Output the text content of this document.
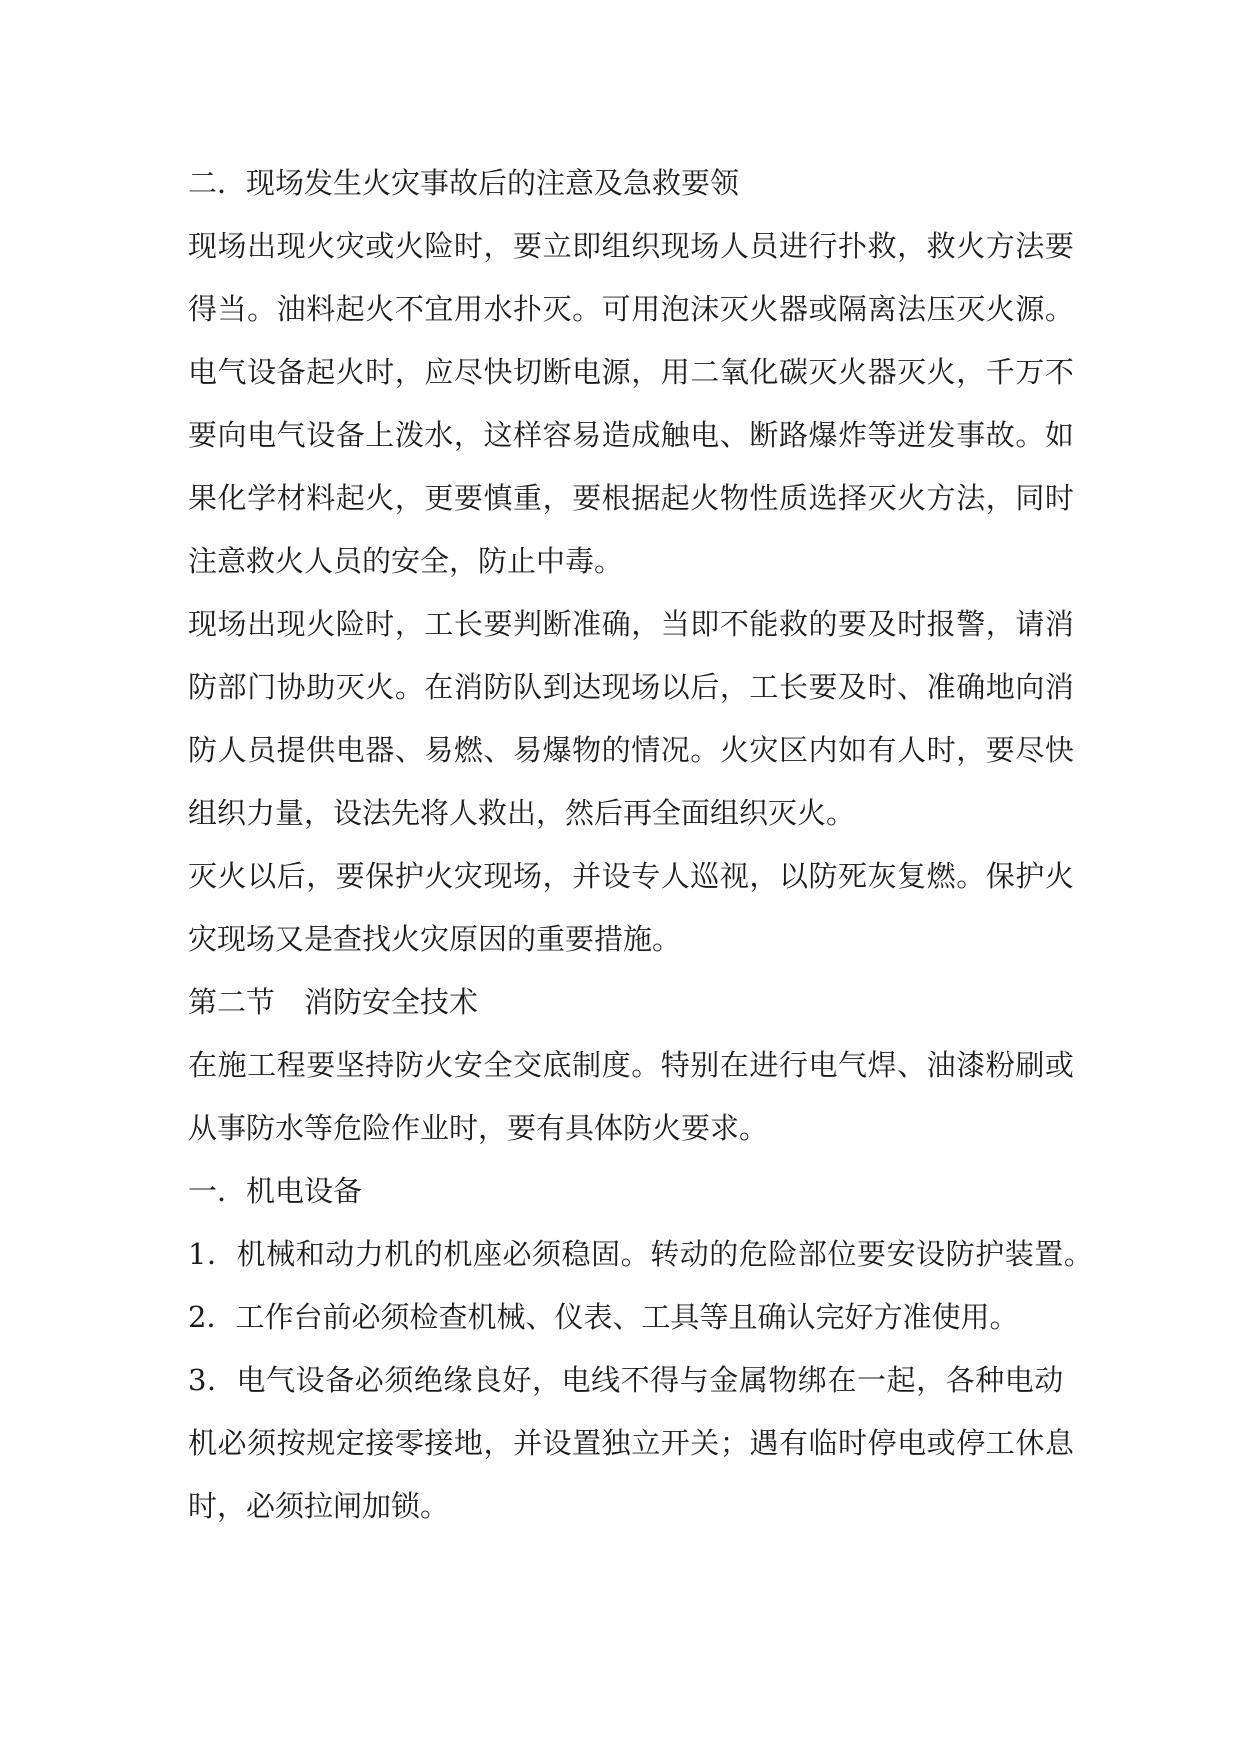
二．现场发生火灾事故后的注意及急救要领
现 场 出 现 火 灾 或 火 险 时 ， 要 立 即 组 织 现 场 人 员 进 行 扑 救 ， 救 火 方 法 要
得 当 。 油 料 起 火 不 宜 用 水 扑 灭 。 可 用 泡 沫 灭 火 器 或 隔 离 法 压 灭 火 源 。
电 气 设 备 起 火 时 ， 应 尽 快 切 断 电 源 ， 用 二 氧 化 碳 灭 火 器 灭 火 ， 千 万 不
要 向 电 气 设 备 上 泼 水 ， 这 样 容 易 造 成 触 电 、 断 路 爆 炸 等 迸 发 事 故 。 如
果 化 学 材 料 起 火 ， 更 要 慎 重 ， 要 根 据 起 火 物 性 质 选 择 灭 火 方 法 ， 同 时
注意救火人员的安全，防止中毒。
现 场 出 现 火 险 时 ， 工 长 要 判 断 准 确 ， 当 即 不 能 救 的 要 及 时 报 警 ， 请 消
防 部 门 协 助 灭 火 。 在 消 防 队 到 达 现 场 以 后 ， 工 长 要 及 时 、 准 确 地 向 消
防 人 员 提 供 电 器 、 易 燃 、 易 爆 物 的 情 况 。 火 灾 区 内 如 有 人 时 ， 要 尽 快
组织力量，设法先将人救出，然后再全面组织灭火。
灭 火 以 后 ， 要 保 护 火 灾 现 场 ， 并 设 专 人 巡 视 ， 以 防 死 灰 复 燃 。 保 护 火
灾现场又是查找火灾原因的重要措施。
第二节　消防安全技术
在 施 工 程 要 坚 持 防 火 安 全 交 底 制 度 。 特 别 在 进 行 电 气 焊 、 油 漆 粉 刷 或
从事防水等危险作业时，要有具体防火要求。
一．机电设备
1 ． 机 械 和 动 力 机 的 机 座 必 须 稳 固 。 转 动 的 危 险 部 位 要 安 设 防 护 装 置 。
2．工作台前必须检查机械、仪表、工具等且确认完好方准使用。
3 ． 电 气 设 备 必 须 绝 缘 良 好 ， 电 线 不 得 与 金 属 物 绑 在 一 起 ， 各 种 电 动
机 必 须 按 规 定 接 零 接 地 ， 并 设 置 独 立 开 关 ； 遇 有 临 时 停 电 或 停 工 休 息
时，必须拉闸加锁。
